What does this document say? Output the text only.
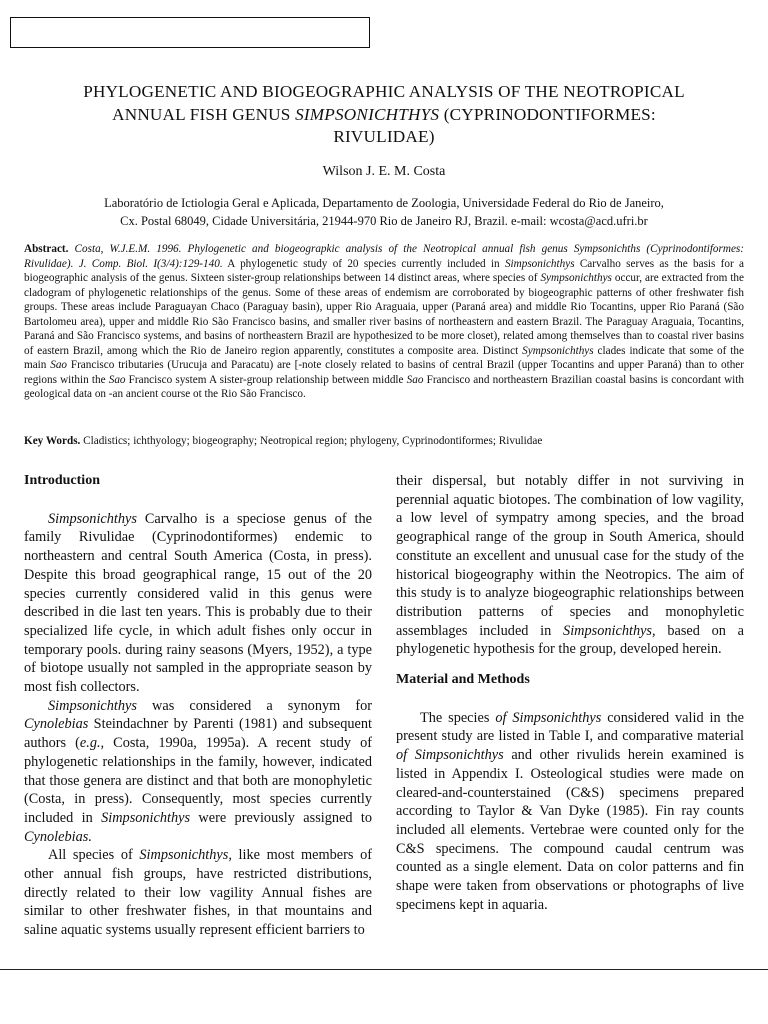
PHYLOGENETIC AND BIOGEOGRAPHIC ANALYSIS OF THE NEOTROPICAL
ANNUAL FISH GENUS SIMPSONICHTHYS (CYPRINODONTIFORMES:
RIVULIDAE)
Wilson J. E. M. Costa
Laboratório de Ictiologia Geral e Aplicada, Departamento de Zoologia, Universidade Federal do Rio de Janeiro,
Cx. Postal 68049, Cidade Universitária, 21944-970 Rio de Janeiro RJ, Brazil. e-mail: wcosta@acd.ufri.br
Abstract. Costa, W.J.E.M. 1996. Phylogenetic and biogeograpkic analysis of the Neotropical annual fish genus Sympsonichths (Cyprinodontiformes: Rivulidae). J. Comp. Biol. I(3/4):129-140. A phylogenetic study of 20 species currently included in Simpsonichthys Carvalho serves as the basis for a biogeographic analysis of the genus. Sixteen sister-group relationships between 14 distinct areas, where species of Sympsonichthys occur, are extracted from the cladogram of phylogenetic relationships of the genus. Some of these areas of endemism are corroborated by biogeographic patterns of other freshwater fish groups. These areas include Paraguayan Chaco (Paraguay basin), upper Rio Araguaia, upper (Paraná area) and middle Rio Tocantins, upper Rio Paraná (São Bartolomeu area), upper and middle Rio São Francisco basins, and smaller river basins of northeastern and eastern Brazil. The Paraguay Araguaia, Tocantins, Paraná and São Francisco systems, and basins of northeastern Brazil are hypothesized to be more closet), related among themselves than to coastal river basins of eastern Brazil, among which the Rio de Janeiro region apparently, constitutes a composite area. Distinct Sympsonichthys clades indicate that some of the main Sao Francisco tributaries (Urucuja and Paracatu) are [-note closely related to basins of central Brazil (upper Tocantins and upper Paraná) than to other regions within the Sao Francisco system A sister-group relationship between middle Sao Francisco and northeastern Brazilian coastal basins is concordant with geological data on -an ancient course ot the Rio São Francisco.
Key Words. Cladistics; ichthyology; biogeography; Neotropical region; phylogeny, Cyprinodontiformes; Rivulidae
Introduction

Simpsonichthys Carvalho is a speciose genus of the family Rivulidae (Cyprinodontiformes) endemic to northeastern and central South America (Costa, in press). Despite this broad geographical range, 15 out of the 20 species currently considered valid in this genus were described in die last ten years. This is probably due to their specialized life cycle, in which adult fishes only occur in temporary pools. during rainy seasons (Myers, 1952), a type of biotope usually not sampled in the appropriate season by most fish collectors.

Simpsonichthys was considered a synonym for Cynolebias Steindachner by Parenti (1981) and subsequent authors (e.g., Costa, 1990a, 1995a). A recent study of phylogenetic relationships in the family, however, indicated that those genera are distinct and that both are monophyletic (Costa, in press). Consequently, most species currently included in Simpsonichthys were previously assigned to Cynolebias.

All species of Simpsonichthys, like most members of other annual fish groups, have restricted distributions, directly related to their low vagility Annual fishes are similar to other freshwater fishes, in that mountains and saline aquatic systems usually represent efficient barriers to

their dispersal, but notably differ in not surviving in perennial aquatic biotopes. The combination of low vagility, a low level of sympatry among species, and the broad geographical range of the group in South America, should constitute an excellent and unusual case for the study of the historical biogeography within the Neotropics. The aim of this study is to analyze biogeographic relationships between distribution patterns of species and monophyletic assemblages included in Simpsonichthys, based on a phylogenetic hypothesis for the group, developed herein.

Material and Methods

The species of Simpsonichthys considered valid in the present study are listed in Table I, and comparative material of Simpsonichthys and other rivulids herein examined is listed in Appendix I. Osteological studies were made on cleared-and-counterstained (C&S) specimens prepared according to Taylor & Van Dyke (1985). Fin ray counts included all elements. Vertebrae were counted only for the C&S specimens. The compound caudal centrum was counted as a single element. Data on color patterns and fin shape were taken from observations or photographs of live specimens kept in aquaria.
